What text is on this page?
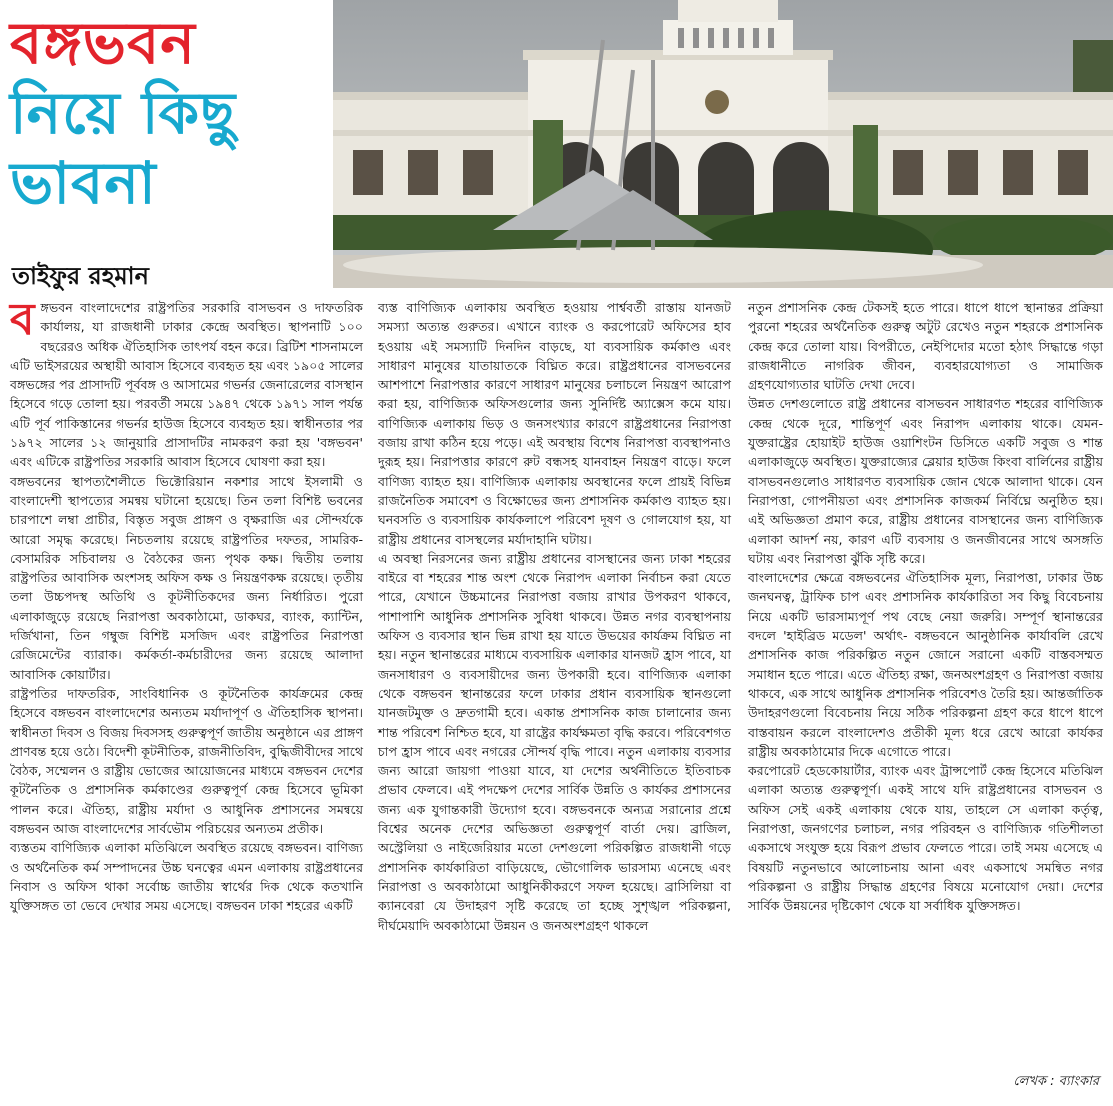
বঙ্গভবন
নিয়ে কিছু
ভাবনা
তাইফুর রহমান

বঙ্গভবন বাংলাদেশের রাষ্ট্রপতির সরকারি বাসভবন ও দাফতরিক কার্যালয়, যা রাজধানী ঢাকার কেন্দ্রে অবস্থিত। স্থাপনাটি ১০০ বছরেরও অধিক ঐতিহাসিক তাৎপর্য বহন করে। ব্রিটিশ শাসনামলে এটি ভাইসরয়ের অস্থায়ী আবাস হিসেবে ব্যবহৃত হয় এবং ১৯০৫ সালের বঙ্গভঙ্গের পর প্রাসাদটি পূর্ববঙ্গ ও আসামের গভর্নর জেনারেলের বাসস্থান হিসেবে গড়ে তোলা হয়। পরবর্তী সময়ে ১৯৪৭ থেকে ১৯৭১ সাল পর্যন্ত এটি পূর্ব পাকিস্তানের গভর্নর হাউজ হিসেবে ব্যবহৃত হয়। স্বাধীনতার পর ১৯৭২ সালের ১২ জানুয়ারি প্রাসাদটির নামকরণ করা হয় 'বঙ্গভবন' এবং এটিকে রাষ্ট্রপতির সরকারি আবাস হিসেবে ঘোষণা করা হয়।

বঙ্গভবনের স্থাপত্যশৈলীতে ভিক্টোরিয়ান নকশার সাথে ইসলামী ও বাংলাদেশী স্থাপত্যের সমন্বয় ঘটানো হয়েছে। তিন তলা বিশিষ্ট ভবনের চারপাশে লম্বা প্রাচীর, বিস্তৃত সবুজ প্রাঙ্গণ ও বৃক্ষরাজি এর সৌন্দর্যকে আরো সমৃদ্ধ করেছে। নিচতলায় রয়েছে রাষ্ট্রপতির দফতর, সামরিক-বেসামরিক সচিবালয় ও বৈঠকের জন্য পৃথক কক্ষ। দ্বিতীয় তলায় রাষ্ট্রপতির আবাসিক অংশসহ অফিস কক্ষ ও নিয়ন্ত্রণকক্ষ রয়েছে। তৃতীয় তলা উচ্চপদস্থ অতিথি ও কূটনীতিকদের জন্য নির্ধারিত। পুরো এলাকাজুড়ে রয়েছে নিরাপত্তা অবকাঠামো, ডাকঘর, ব্যাংক, ক্যান্টিন, দর্জিখানা, তিন গম্বুজ বিশিষ্ট মসজিদ এবং রাষ্ট্রপতির নিরাপত্তা রেজিমেন্টের ব্যারাক। কর্মকর্তা-কর্মচারীদের জন্য রয়েছে আলাদা আবাসিক কোয়ার্টার।

রাষ্ট্রপতির দাফতরিক, সাংবিধানিক ও কূটনৈতিক কার্যক্রমের কেন্দ্র হিসেবে বঙ্গভবন বাংলাদেশের অন্যতম মর্যাদাপূর্ণ ও ঐতিহাসিক স্থাপনা। স্বাধীনতা দিবস ও বিজয় দিবসসহ গুরুত্বপূর্ণ জাতীয় অনুষ্ঠানে এর প্রাঙ্গণ প্রাণবন্ত হয়ে ওঠে। বিদেশী কূটনীতিক, রাজনীতিবিদ, বুদ্ধিজীবীদের সাথে বৈঠক, সম্মেলন ও রাষ্ট্রীয় ভোজের আয়োজনের মাধ্যমে বঙ্গভবন দেশের কূটনৈতিক ও প্রশাসনিক কর্মকাণ্ডের গুরুত্বপূর্ণ কেন্দ্র হিসেবে ভূমিকা পালন করে। ঐতিহ্য, রাষ্ট্রীয় মর্যাদা ও আধুনিক প্রশাসনের সমন্বয়ে বঙ্গভবন আজ বাংলাদেশের সার্বভৌম পরিচয়ের অন্যতম প্রতীক।

ব্যস্ততম বাণিজ্যিক এলাকা মতিঝিলে অবস্থিত রয়েছে বঙ্গভবন। বাণিজ্য ও অর্থনৈতিক কর্ম সম্পাদনের উচ্চ ঘনত্বের এমন এলাকায় রাষ্ট্রপ্রধানের নিবাস ও অফিস থাকা সর্বোচ্চ জাতীয় স্বার্থের দিক থেকে কতখানি যুক্তিসঙ্গত তা ভেবে দেখার সময় এসেছে। বঙ্গভবন ঢাকা শহরের একটি

ব্যস্ত বাণিজ্যিক এলাকায় অবস্থিত হওয়ায় পার্শ্ববর্তী রাস্তায় যানজট সমস্যা অত্যন্ত গুরুতর। এখানে ব্যাংক ও করপোরেট অফিসের হাব হওয়ায় এই সমস্যাটি দিনদিন বাড়ছে, যা ব্যবসায়িক কর্মকাণ্ড এবং সাধারণ মানুষের যাতায়াতকে বিঘ্নিত করে। রাষ্ট্রপ্রধানের বাসভবনের আশপাশে নিরাপত্তার কারণে সাধারণ মানুষের চলাচলে নিয়ন্ত্রণ আরোপ করা হয়, বাণিজ্যিক অফিসগুলোর জন্য সুনির্দিষ্ট অ্যাক্সেস কমে যায়। বাণিজ্যিক এলাকায় ভিড় ও জনসংখ্যার কারণে রাষ্ট্রপ্রধানের নিরাপত্তা বজায় রাখা কঠিন হয়ে পড়ে। এই অবস্থায় বিশেষ নিরাপত্তা ব্যবস্থাপনাও দুরূহ হয়। নিরাপত্তার কারণে রুট বন্ধসহ যানবাহন নিয়ন্ত্রণ বাড়ে। ফলে বাণিজ্য ব্যাহত হয়। বাণিজ্যিক এলাকায় অবস্থানের ফলে প্রায়ই বিভিন্ন রাজনৈতিক সমাবেশ ও বিক্ষোভের জন্য প্রশাসনিক কর্মকাণ্ড ব্যাহত হয়। ঘনবসতি ও ব্যবসায়িক কার্যকলাপে পরিবেশ দূষণ ও গোলযোগ হয়, যা রাষ্ট্রীয় প্রধানের বাসস্থলের মর্যাদাহানি ঘটায়।

এ অবস্থা নিরসনের জন্য রাষ্ট্রীয় প্রধানের বাসস্থানের জন্য ঢাকা শহরের বাইরে বা শহরের শান্ত অংশ থেকে নিরাপদ এলাকা নির্বাচন করা যেতে পারে, যেখানে উচ্চমানের নিরাপত্তা বজায় রাখার উপকরণ থাকবে, পাশাপাশি আধুনিক প্রশাসনিক সুবিধা থাকবে। উন্নত নগর ব্যবস্থাপনায় অফিস ও ব্যবসার স্থান ভিন্ন রাখা হয় যাতে উভয়ের কার্যক্রম বিঘ্নিত না হয়। নতুন স্থানান্তরের মাধ্যমে ব্যবসায়িক এলাকার যানজট হ্রাস পাবে, যা জনসাধারণ ও ব্যবসায়ীদের জন্য উপকারী হবে। বাণিজ্যিক এলাকা থেকে বঙ্গভবন স্থানান্তরের ফলে ঢাকার প্রধান ব্যবসায়িক স্থানগুলো যানজটমুক্ত ও দ্রুতগামী হবে। একান্ত প্রশাসনিক কাজ চালানোর জন্য শান্ত পরিবেশ নিশ্চিত হবে, যা রাষ্ট্রের কার্যক্ষমতা বৃদ্ধি করবে। পরিবেশগত চাপ হ্রাস পাবে এবং নগরের সৌন্দর্য বৃদ্ধি পাবে। নতুন এলাকায় ব্যবসার জন্য আরো জায়গা পাওয়া যাবে, যা দেশের অর্থনীতিতে ইতিবাচক প্রভাব ফেলবে। এই পদক্ষেপ দেশের সার্বিক উন্নতি ও কার্যকর প্রশাসনের জন্য এক যুগান্তকারী উদ্যোগ হবে। বঙ্গভবনকে অন্যত্র সরানোর প্রশ্নে বিশ্বের অনেক দেশের অভিজ্ঞতা গুরুত্বপূর্ণ বার্তা দেয়। ব্রাজিল, অস্ট্রেলিয়া ও নাইজেরিয়ার মতো দেশগুলো পরিকল্পিত রাজধানী গড়ে প্রশাসনিক কার্যকারিতা বাড়িয়েছে, ভৌগোলিক ভারসাম্য এনেছে এবং নিরাপত্তা ও অবকাঠামো আধুনিকীকরণে সফল হয়েছে। ব্রাসিলিয়া বা ক্যানবেরা যে উদাহরণ সৃষ্টি করেছে তা হচ্ছে সুশৃঙ্খল পরিকল্পনা, দীর্ঘমেয়াদি অবকাঠামো উন্নয়ন ও জনঅংশগ্রহণ থাকলে

নতুন প্রশাসনিক কেন্দ্র টেকসই হতে পারে। ধাপে ধাপে স্থানান্তর প্রক্রিয়া পুরনো শহরের অর্থনৈতিক গুরুত্ব অটুট রেখেও নতুন শহরকে প্রশাসনিক কেন্দ্র করে তোলা যায়। বিপরীতে, নেইপিদোর মতো হঠাৎ সিদ্ধান্তে গড়া রাজধানীতে নাগরিক জীবন, ব্যবহারযোগ্যতা ও সামাজিক গ্রহণযোগ্যতার ঘাটতি দেখা দেবে।

উন্নত দেশগুলোতে রাষ্ট্র প্রধানের বাসভবন সাধারণত শহরের বাণিজ্যিক কেন্দ্র থেকে দূরে, শান্তিপূর্ণ এবং নিরাপদ এলাকায় থাকে। যেমন- যুক্তরাষ্ট্রের হোয়াইট হাউজ ওয়াশিংটন ডিসিতে একটি সবুজ ও শান্ত এলাকাজুড়ে অবস্থিত। যুক্তরাজ্যের ব্লেয়ার হাউজ কিংবা বার্লিনের রাষ্ট্রীয় বাসভবনগুলোও সাধারণত ব্যবসায়িক জোন থেকে আলাদা থাকে। যেন নিরাপত্তা, গোপনীয়তা এবং প্রশাসনিক কাজকর্ম নির্বিঘ্নে অনুষ্ঠিত হয়। এই অভিজ্ঞতা প্রমাণ করে, রাষ্ট্রীয় প্রধানের বাসস্থানের জন্য বাণিজ্যিক এলাকা আদর্শ নয়, কারণ এটি ব্যবসায় ও জনজীবনের সাথে অসঙ্গতি ঘটায় এবং নিরাপত্তা ঝুঁকি সৃষ্টি করে।

বাংলাদেশের ক্ষেত্রে বঙ্গভবনের ঐতিহাসিক মূল্য, নিরাপত্তা, ঢাকার উচ্চ জনঘনত্ব, ট্রাফিক চাপ এবং প্রশাসনিক কার্যকারিতা সব কিছু বিবেচনায় নিয়ে একটি ভারসাম্যপূর্ণ পথ বেছে নেয়া জরুরি। সম্পূর্ণ স্থানান্তরের বদলে 'হাইব্রিড মডেল' অর্থাৎ- বঙ্গভবনে আনুষ্ঠানিক কার্যাবলি রেখে প্রশাসনিক কাজ পরিকল্পিত নতুন জোনে সরানো একটি বাস্তবসম্মত সমাধান হতে পারে। এতে ঐতিহ্য রক্ষা, জনঅংশগ্রহণ ও নিরাপত্তা বজায় থাকবে, এক সাথে আধুনিক প্রশাসনিক পরিবেশও তৈরি হয়। আন্তর্জাতিক উদাহরণগুলো বিবেচনায় নিয়ে সঠিক পরিকল্পনা গ্রহণ করে ধাপে ধাপে বাস্তবায়ন করলে বাংলাদেশও প্রতীকী মূল্য ধরে রেখে আরো কার্যকর রাষ্ট্রীয় অবকাঠামোর দিকে এগোতে পারে।

করপোরেট হেডকোয়ার্টার, ব্যাংক এবং ট্রান্সপোর্ট কেন্দ্র হিসেবে মতিঝিল এলাকা অত্যন্ত গুরুত্বপূর্ণ। একই সাথে যদি রাষ্ট্রপ্রধানের বাসভবন ও অফিস সেই একই এলাকায় থেকে যায়, তাহলে সে এলাকা কর্তৃত্ব, নিরাপত্তা, জনগণের চলাচল, নগর পরিবহন ও বাণিজ্যিক গতিশীলতা একসাথে সংযুক্ত হয়ে বিরূপ প্রভাব ফেলতে পারে। তাই সময় এসেছে এ বিষয়টি নতুনভাবে আলোচনায় আনা এবং একসাথে সমন্বিত নগর পরিকল্পনা ও রাষ্ট্রীয় সিদ্ধান্ত গ্রহণের বিষয়ে মনোযোগ দেয়া। দেশের সার্বিক উন্নয়নের দৃষ্টিকোণ থেকে যা সর্বাধিক যুক্তিসঙ্গত।

লেখক : ব্যাংকার
